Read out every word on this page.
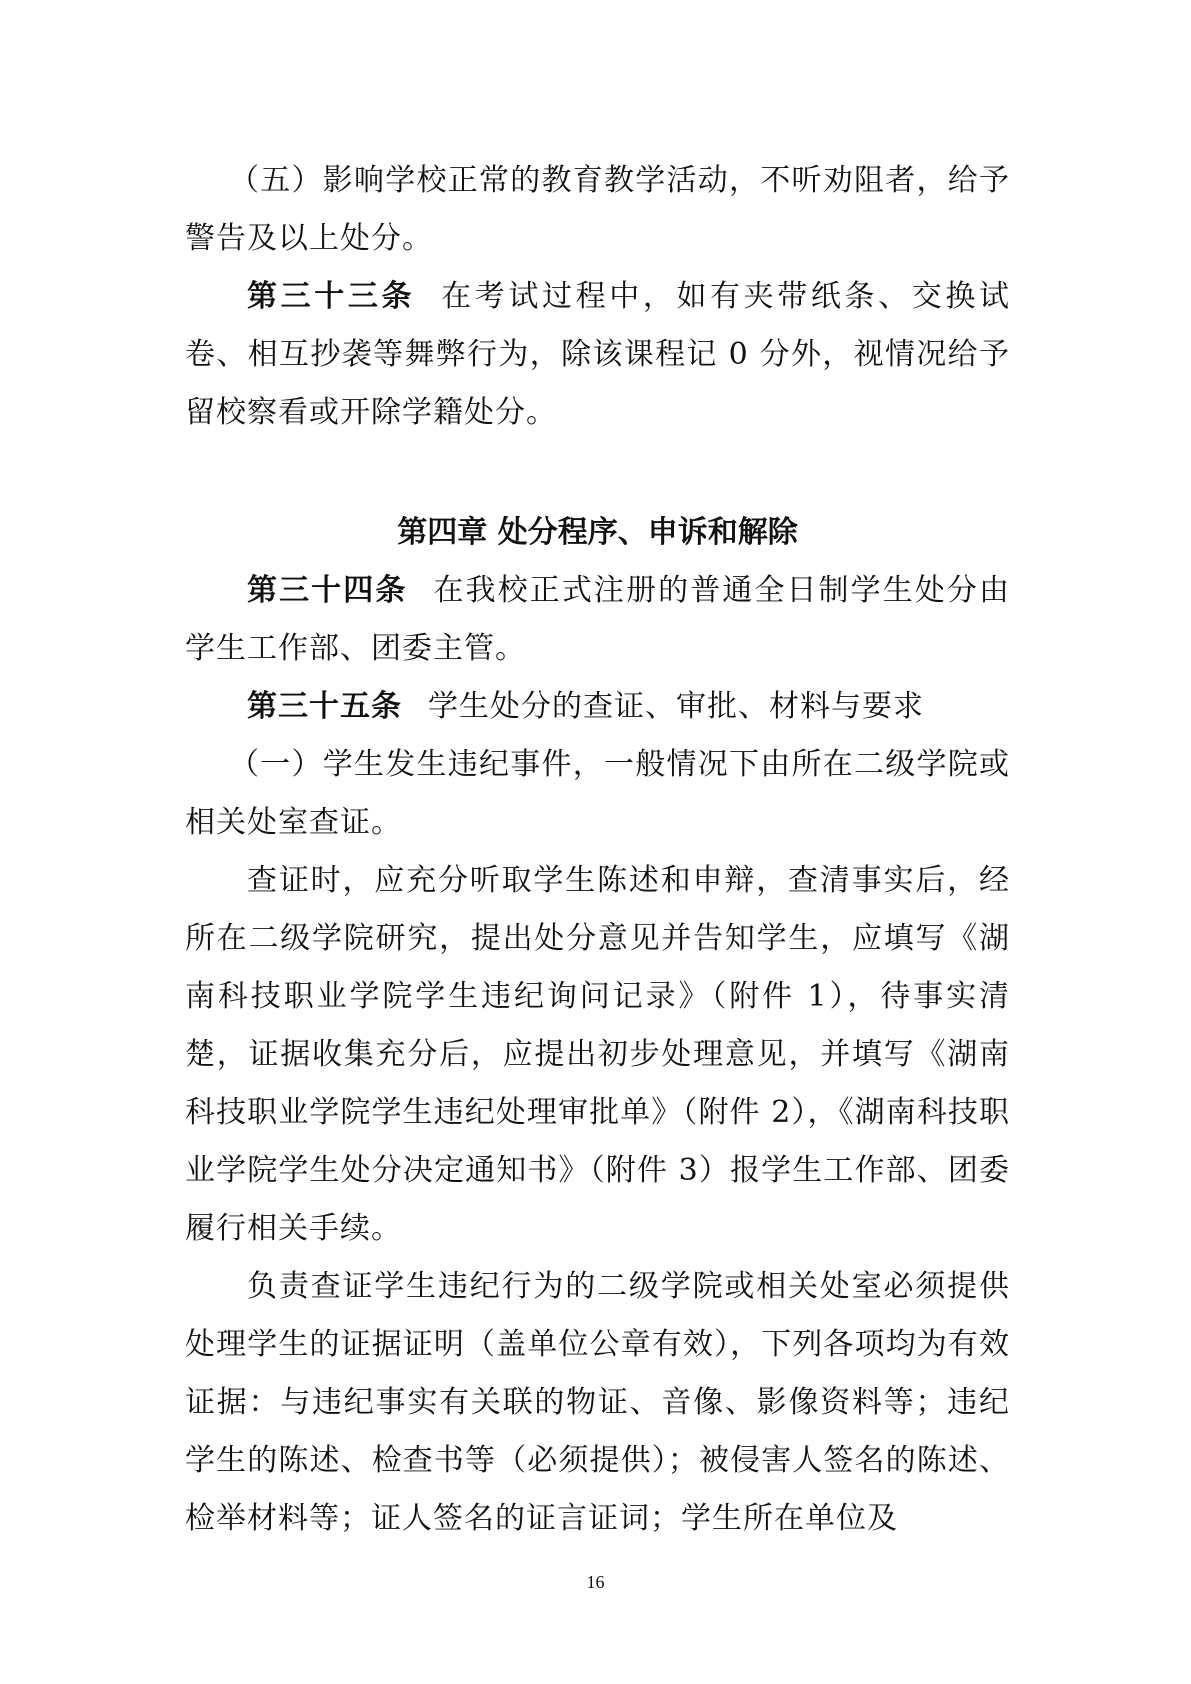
（五）影响学校正常的教育教学活动，不听劝阻者，给予警告及以上处分。

第三十三条 在考试过程中，如有夹带纸条、交换试卷、相互抄袭等舞弊行为，除该课程记 0 分外，视情况给予留校察看或开除学籍处分。

第四章 处分程序、申诉和解除

第三十四条 在我校正式注册的普通全日制学生处分由学生工作部、团委主管。

第三十五条 学生处分的查证、审批、材料与要求

（一）学生发生违纪事件，一般情况下由所在二级学院或相关处室查证。

查证时，应充分听取学生陈述和申辩，查清事实后，经所在二级学院研究，提出处分意见并告知学生，应填写《湖南科技职业学院学生违纪询问记录》（附件 1），待事实清楚，证据收集充分后，应提出初步处理意见，并填写《湖南科技职业学院学生违纪处理审批单》（附件 2），《湖南科技职业学院学生处分决定通知书》（附件 3）报学生工作部、团委履行相关手续。

负责查证学生违纪行为的二级学院或相关处室必须提供处理学生的证据证明（盖单位公章有效），下列各项均为有效证据：与违纪事实有关联的物证、音像、影像资料等；违纪学生的陈述、检查书等（必须提供）；被侵害人签名的陈述、检举材料等；证人签名的证言证词；学生所在单位及

16
